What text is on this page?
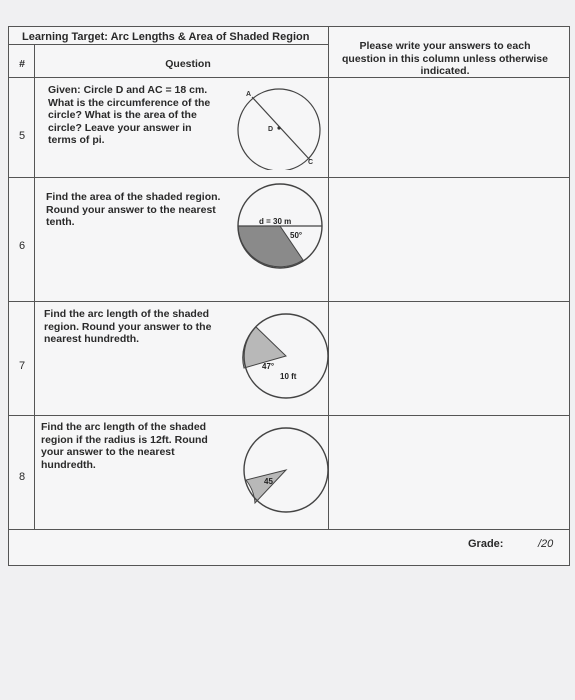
Learning Target: Arc Lengths & Area of Shaded Region
#	Question
Please write your answers to each question in this column unless otherwise indicated.
5
Given: Circle D and AC = 18 cm. What is the circumference of the circle? What is the area of the circle? Leave your answer in terms of pi.
6
Find the area of the shaded region. Round your answer to the nearest tenth.
7
Find the arc length of the shaded region. Round your answer to the nearest hundredth.
8
Find the arc length of the shaded region if the radius is 12ft. Round your answer to the nearest hundredth.
Grade:	/20
A
D
C
d = 30 m
50°
47°
10 ft
45
